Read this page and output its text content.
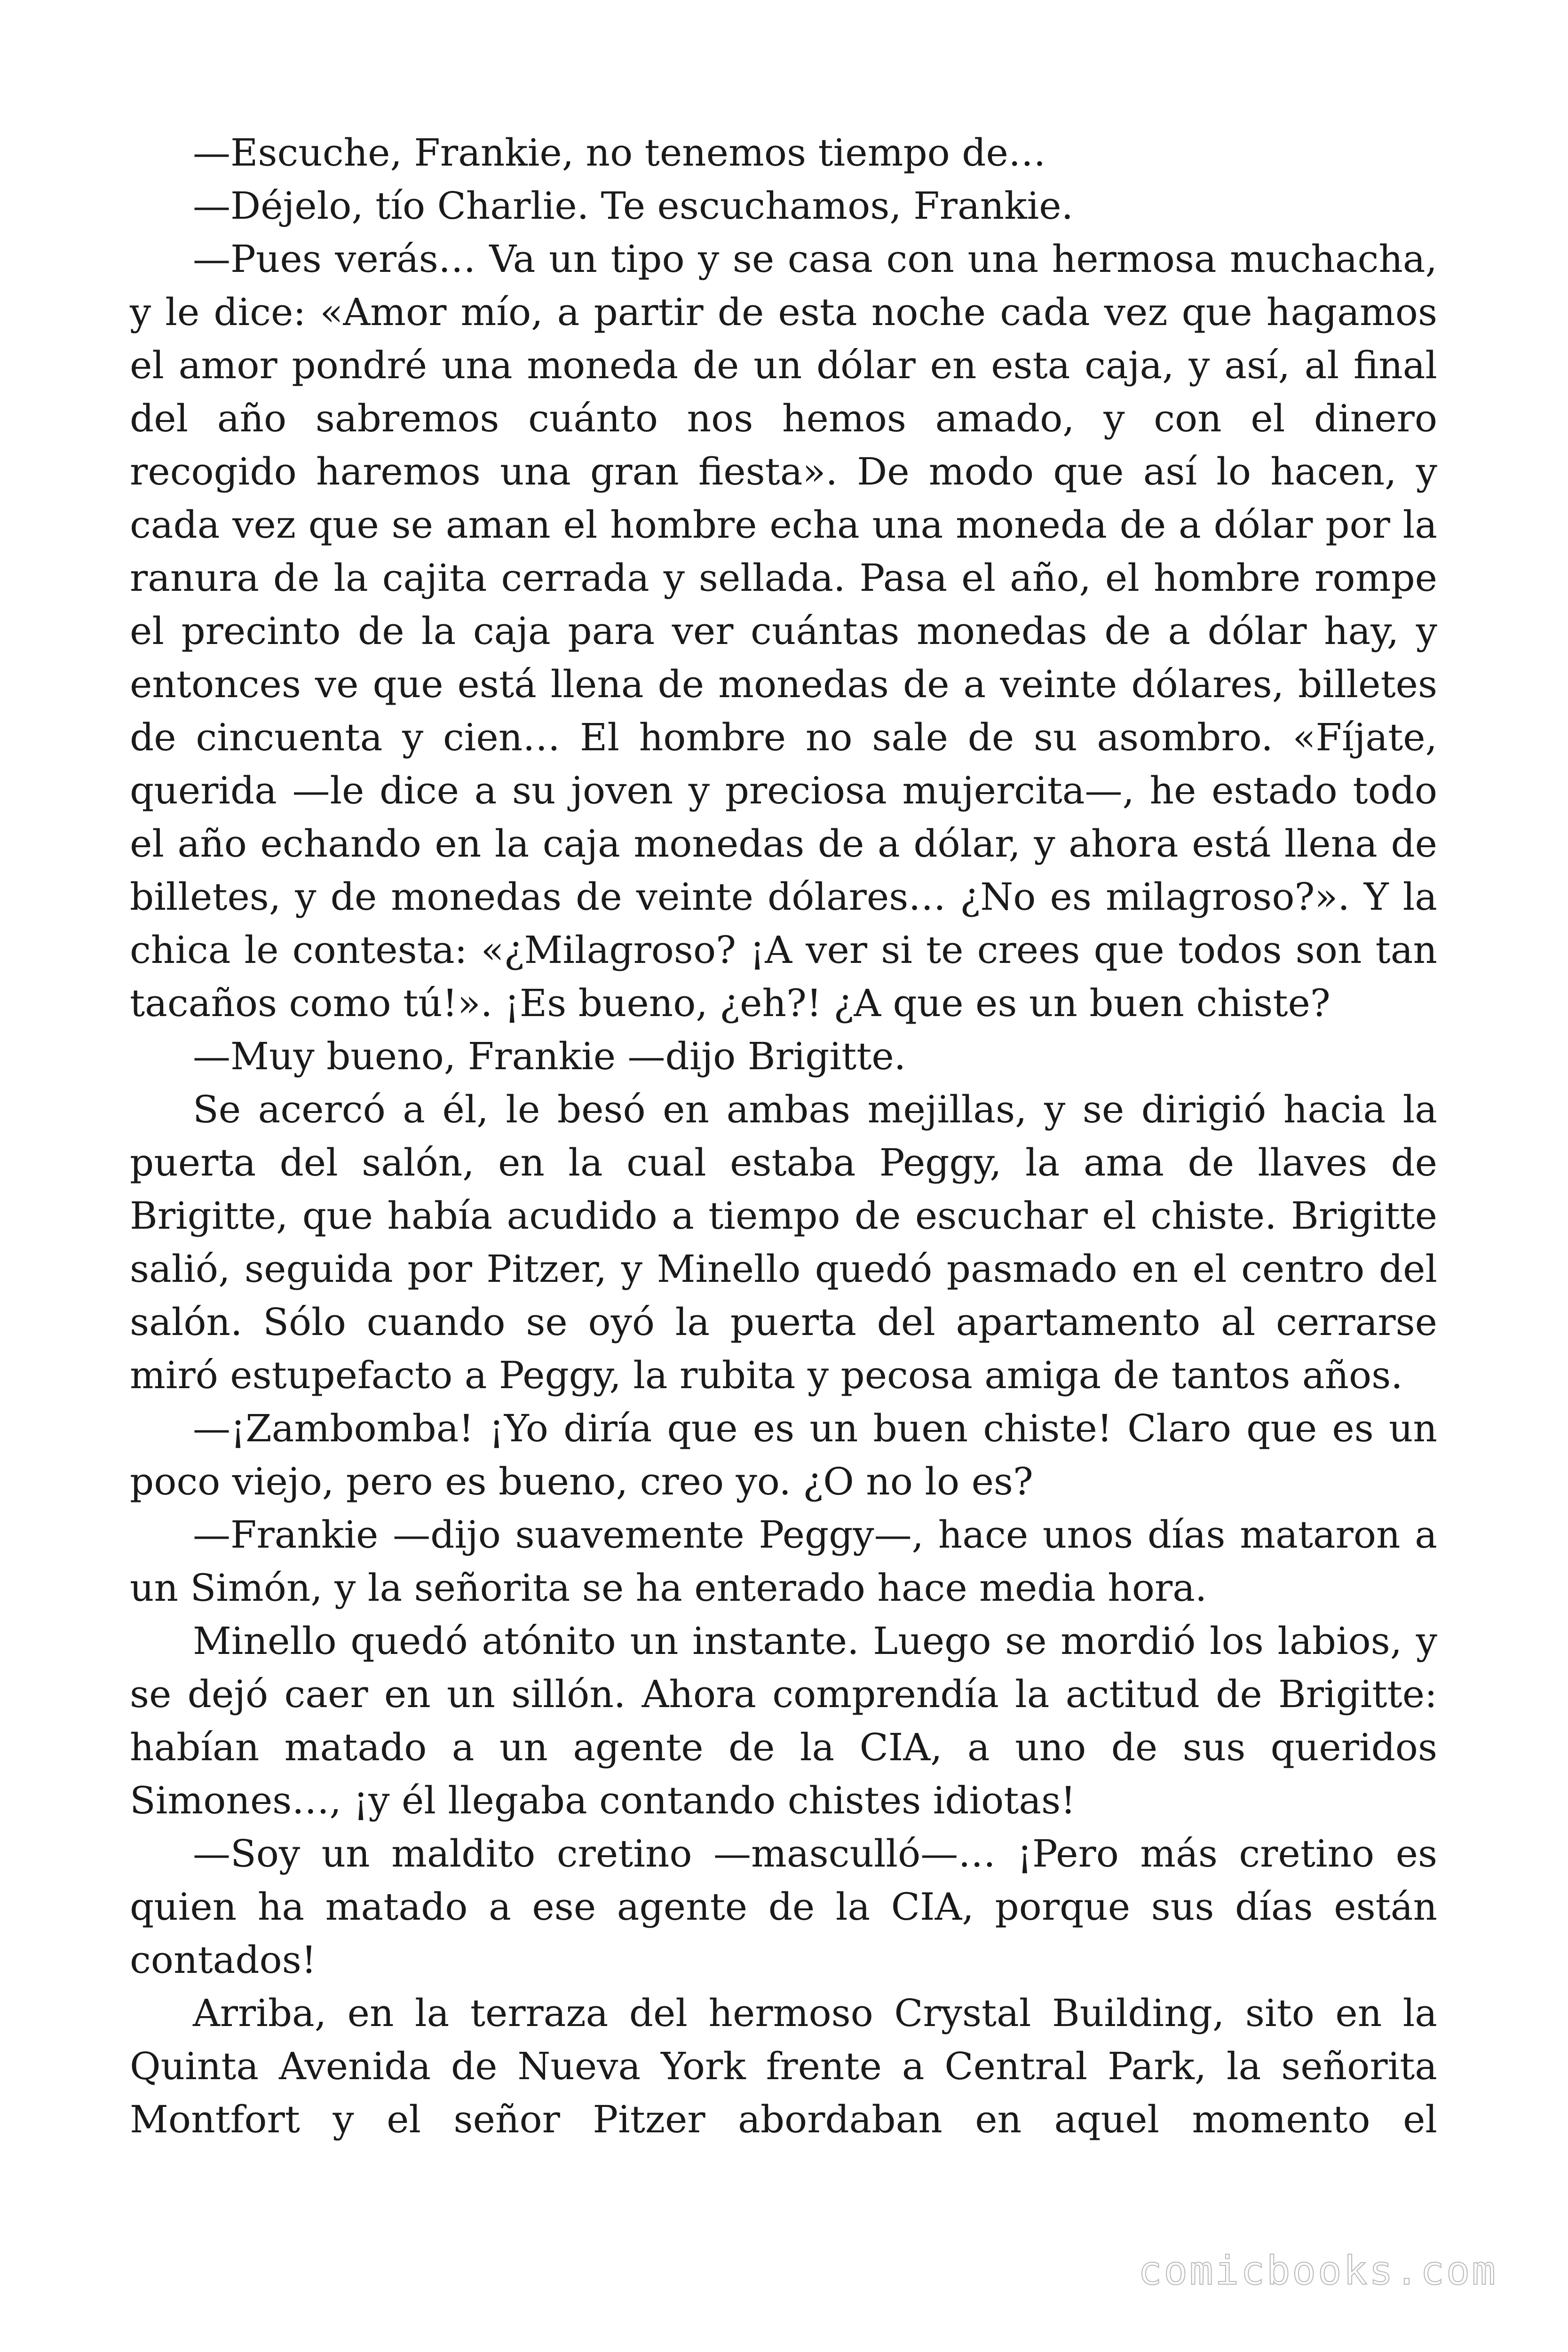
—Escuche, Frankie, no tenemos tiempo de…

—Déjelo, tío Charlie. Te escuchamos, Frankie.

—Pues verás… Va un tipo y se casa con una hermosa muchacha, y le dice: «Amor mío, a partir de esta noche cada vez que hagamos el amor pondré una moneda de un dólar en esta caja, y así, al final del año sabremos cuánto nos hemos amado, y con el dinero recogido haremos una gran fiesta». De modo que así lo hacen, y cada vez que se aman el hombre echa una moneda de a dólar por la ranura de la cajita cerrada y sellada. Pasa el año, el hombre rompe el precinto de la caja para ver cuántas monedas de a dólar hay, y entonces ve que está llena de monedas de a veinte dólares, billetes de cincuenta y cien… El hombre no sale de su asombro. «Fíjate, querida —le dice a su joven y preciosa mujercita—, he estado todo el año echando en la caja monedas de a dólar, y ahora está llena de billetes, y de monedas de veinte dólares… ¿No es milagroso?». Y la chica le contesta: «¿Milagroso? ¡A ver si te crees que todos son tan tacaños como tú!». ¡Es bueno, ¿eh?! ¿A que es un buen chiste?

—Muy bueno, Frankie —dijo Brigitte.

Se acercó a él, le besó en ambas mejillas, y se dirigió hacia la puerta del salón, en la cual estaba Peggy, la ama de llaves de Brigitte, que había acudido a tiempo de escuchar el chiste. Brigitte salió, seguida por Pitzer, y Minello quedó pasmado en el centro del salón. Sólo cuando se oyó la puerta del apartamento al cerrarse miró estupefacto a Peggy, la rubita y pecosa amiga de tantos años.

—¡Zambomba! ¡Yo diría que es un buen chiste! Claro que es un poco viejo, pero es bueno, creo yo. ¿O no lo es?

—Frankie —dijo suavemente Peggy—, hace unos días mataron a un Simón, y la señorita se ha enterado hace media hora.

Minello quedó atónito un instante. Luego se mordió los labios, y se dejó caer en un sillón. Ahora comprendía la actitud de Brigitte: habían matado a un agente de la CIA, a uno de sus queridos Simones…, ¡y él llegaba contando chistes idiotas!

—Soy un maldito cretino —masculló—… ¡Pero más cretino es quien ha matado a ese agente de la CIA, porque sus días están contados!

Arriba, en la terraza del hermoso Crystal Building, sito en la Quinta Avenida de Nueva York frente a Central Park, la señorita Montfort y el señor Pitzer abordaban en aquel momento el

comicbooks.com
